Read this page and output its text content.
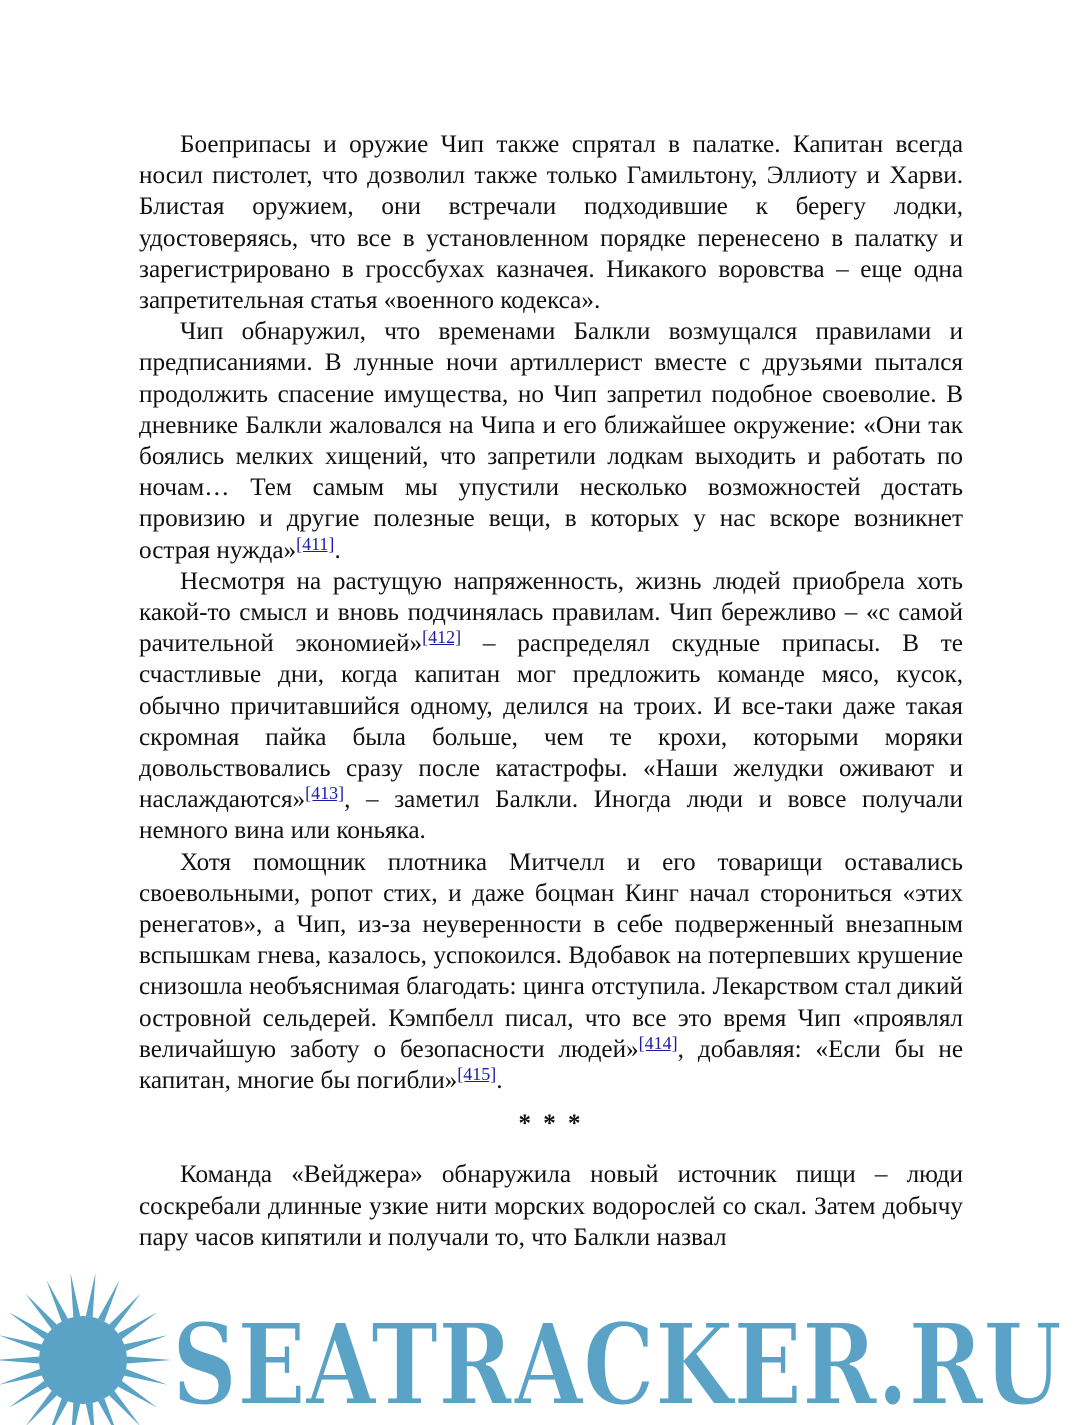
Боеприпасы и оружие Чип также спрятал в палатке. Капитан всегда носил пистолет, что дозволил также только Гамильтону, Эллиоту и Харви. Блистая оружием, они встречали подходившие к берегу лодки, удостоверяясь, что все в установленном порядке перенесено в палатку и зарегистрировано в гроссбухах казначея. Никакого воровства – еще одна запретительная статья «военного кодекса».

Чип обнаружил, что временами Балкли возмущался правилами и предписаниями. В лунные ночи артиллерист вместе с друзьями пытался продолжить спасение имущества, но Чип запретил подобное своеволие. В дневнике Балкли жаловался на Чипа и его ближайшее окружение: «Они так боялись мелких хищений, что запретили лодкам выходить и работать по ночам… Тем самым мы упустили несколько возможностей достать провизию и другие полезные вещи, в которых у нас вскоре возникнет острая нужда»[411].

Несмотря на растущую напряженность, жизнь людей приобрела хоть какой-то смысл и вновь подчинялась правилам. Чип бережливо – «с самой рачительной экономией»[412] – распределял скудные припасы. В те счастливые дни, когда капитан мог предложить команде мясо, кусок, обычно причитавшийся одному, делился на троих. И все-таки даже такая скромная пайка была больше, чем те крохи, которыми моряки довольствовались сразу после катастрофы. «Наши желудки оживают и наслаждаются»[413], – заметил Балкли. Иногда люди и вовсе получали немного вина или коньяка.

Хотя помощник плотника Митчелл и его товарищи оставались своевольными, ропот стих, и даже боцман Кинг начал сторониться «этих ренегатов», а Чип, из-за неуверенности в себе подверженный внезапным вспышкам гнева, казалось, успокоился. Вдобавок на потерпевших крушение снизошла необъяснимая благодать: цинга отступила. Лекарством стал дикий островной сельдерей. Кэмпбелл писал, что все это время Чип «проявлял величайшую заботу о безопасности людей»[414], добавляя: «Если бы не капитан, многие бы погибли»[415].

* * *

Команда «Вейджера» обнаружила новый источник пищи – люди соскребали длинные узкие нити морских водорослей со скал. Затем добычу пару часов кипятили и получали то, что Балкли назвал

SEATRACKER.RU
